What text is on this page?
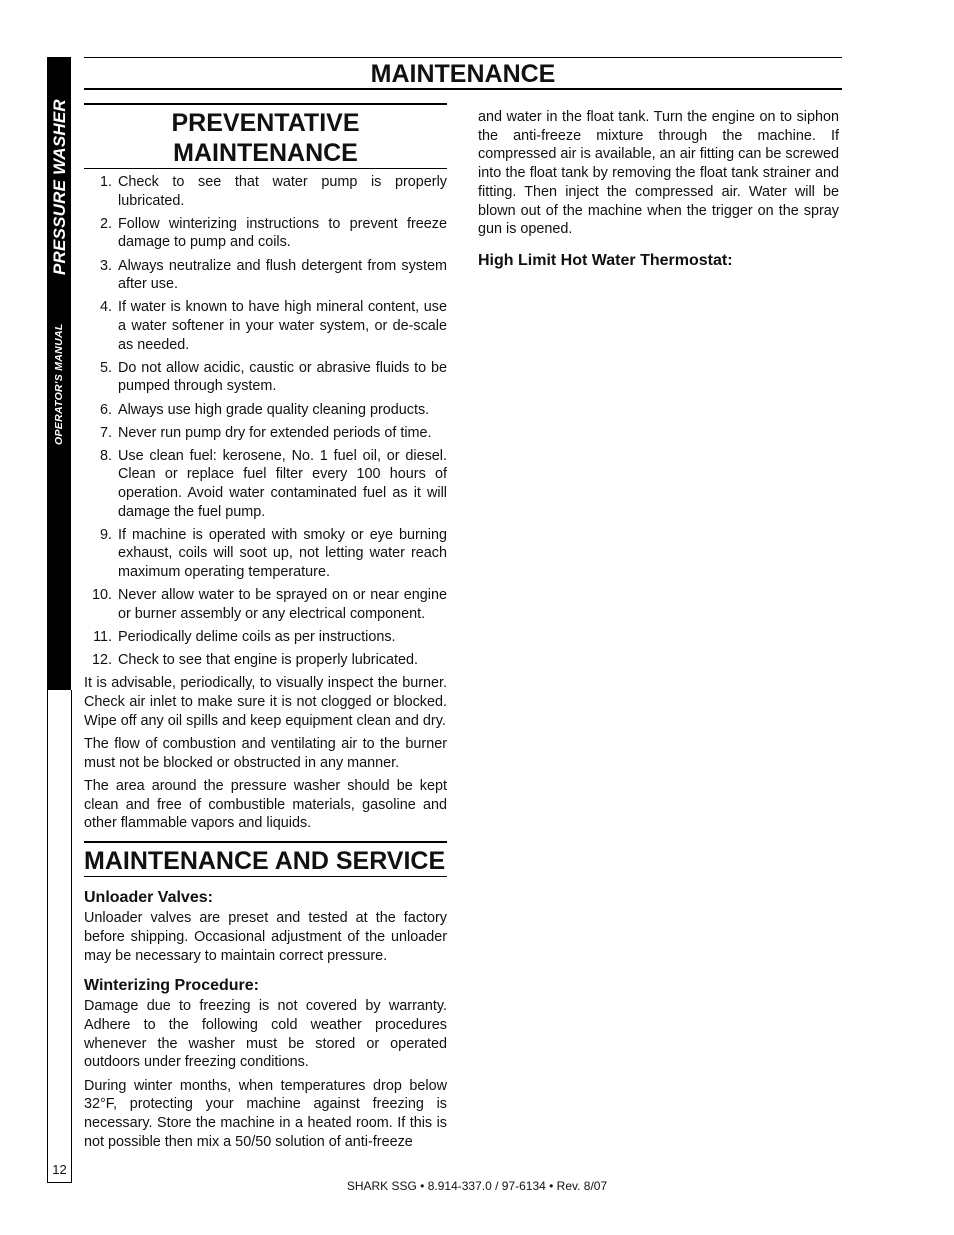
PRESSURE WASHER
OPERATOR'S MANUAL
12
MAINTENANCE
PREVENTATIVE
MAINTENANCE
1. Check to see that water pump is properly lubricated.
2. Follow winterizing instructions to prevent freeze damage to pump and coils.
3. Always neutralize and flush detergent from system after use.
4. If water is known to have high mineral content, use a water softener in your water system, or de-scale as needed.
5. Do not allow acidic, caustic or abrasive fluids to be pumped through system.
6. Always use high grade quality cleaning products.
7. Never run pump dry for extended periods of time.
8. Use clean fuel: kerosene, No. 1 fuel oil, or diesel. Clean or replace fuel filter every 100 hours of operation. Avoid water contaminated fuel as it will damage the fuel pump.
9. If machine is operated with smoky or eye burning exhaust, coils will soot up, not letting water reach maximum operating temperature.
10. Never allow water to be sprayed on or near engine or burner assembly or any electrical component.
11. Periodically delime coils as per instructions.
12. Check to see that engine is properly lubricated.

It is advisable, periodically, to visually inspect the burner. Check air inlet to make sure it is not clogged or blocked. Wipe off any oil spills and keep equipment clean and dry.

The flow of combustion and ventilating air to the burner must not be blocked or obstructed in any manner.

The area around the pressure washer should be kept clean and free of combustible materials, gasoline and other flammable vapors and liquids.

MAINTENANCE AND SERVICE
Unloader Valves:

Unloader valves are preset and tested at the factory before shipping. Occasional adjustment of the unloader may be necessary to maintain correct pressure.

Winterizing Procedure:

Damage due to freezing is not covered by warranty. Adhere to the following cold weather procedures whenever the washer must be stored or operated outdoors under freezing conditions.

During winter months, when temperatures drop below 32°F, protecting your machine against freezing is necessary. Store the machine in a heated room. If this is not possible then mix a 50/50 solution of anti-freeze

and water in the float tank. Turn the engine on to siphon the anti-freeze mixture through the machine. If compressed air is available, an air fitting can be screwed into the float tank by removing the float tank strainer and fitting. Then inject the compressed air. Water will be blown out of the machine when the trigger on the spray gun is opened.

High Limit Hot Water Thermostat:
SHARK SSG • 8.914-337.0 / 97-6134 • Rev. 8/07
